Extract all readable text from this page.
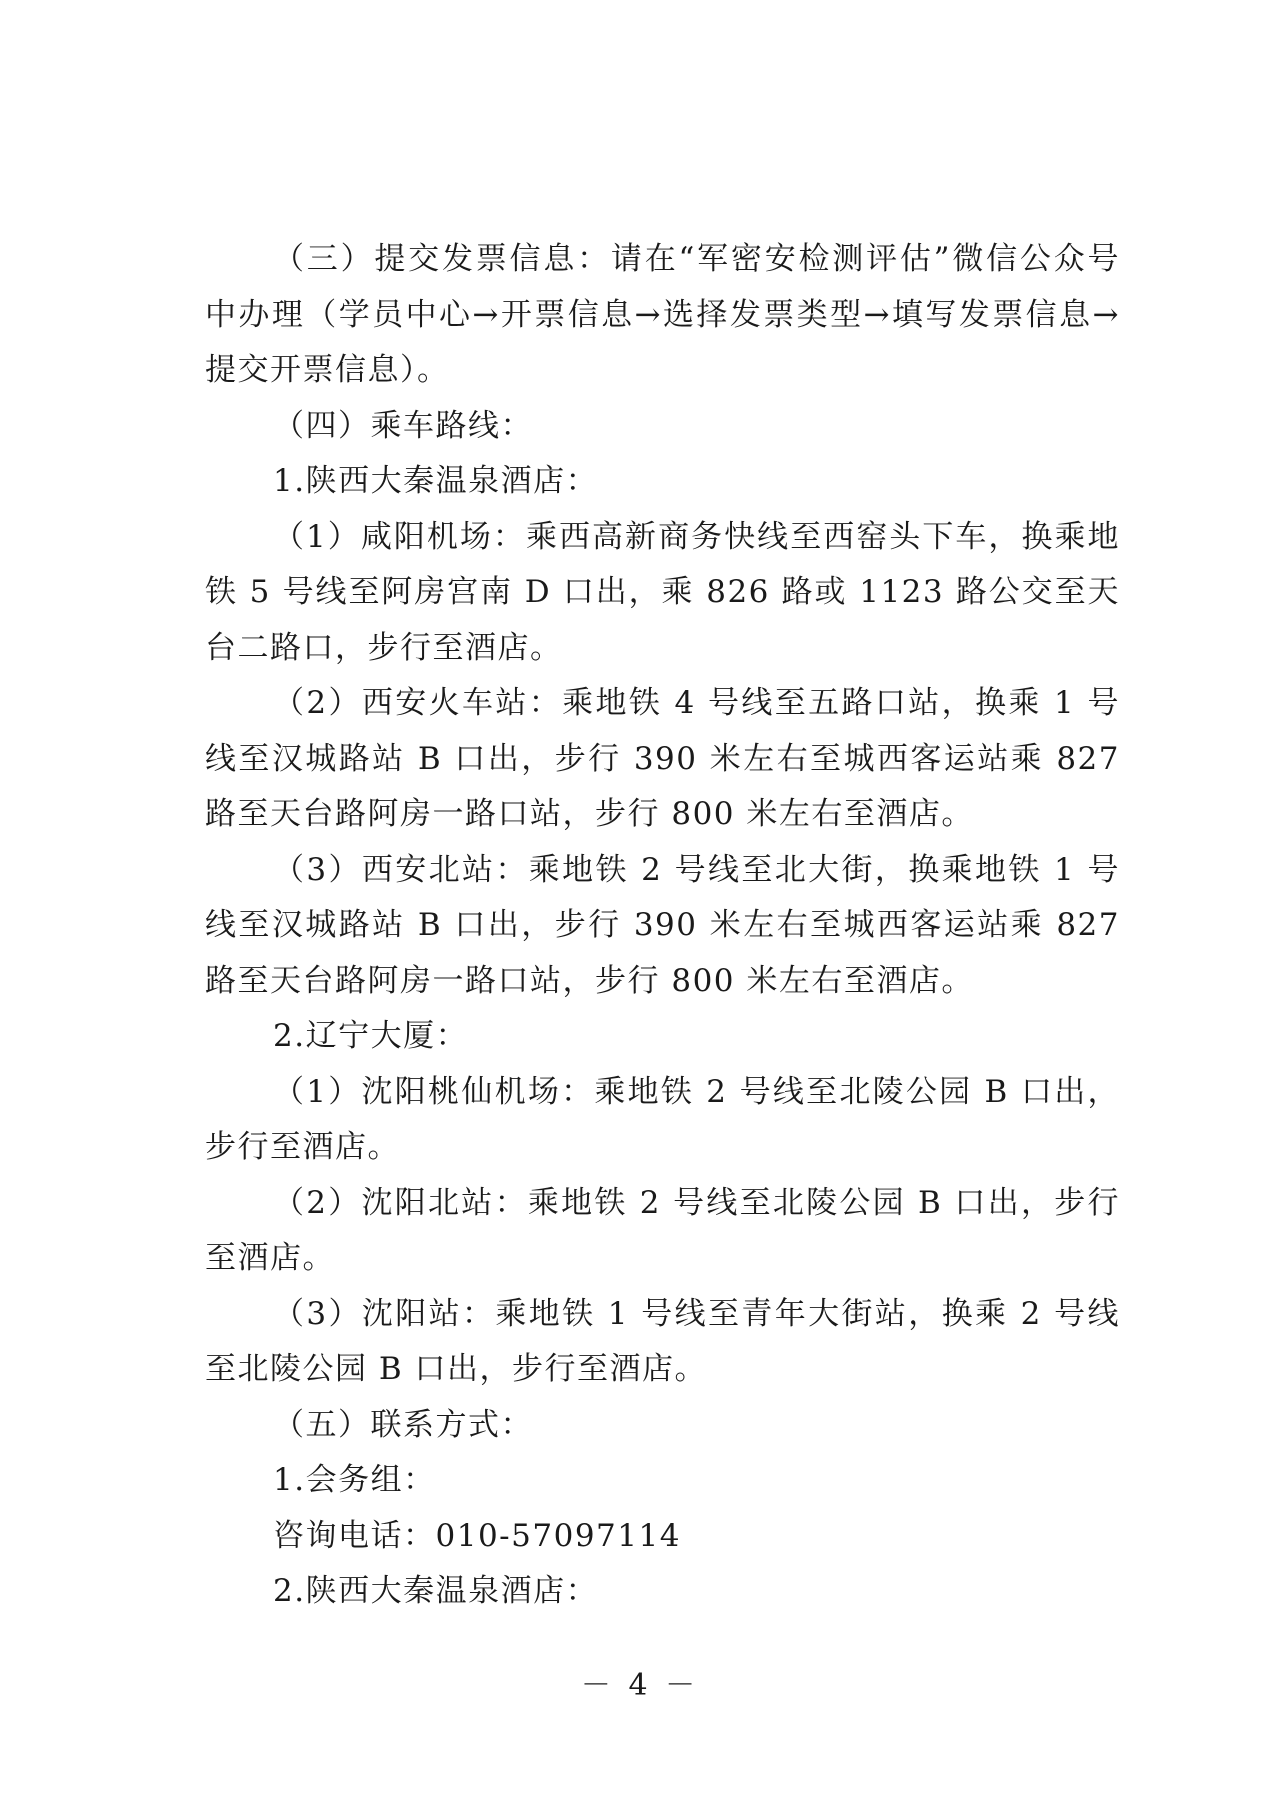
（三）提交发票信息：请在“军密安检测评估”微信公众号中办理（学员中心→开票信息→选择发票类型→填写发票信息→提交开票信息）。

（四）乘车路线：

1.陕西大秦温泉酒店：

（1）咸阳机场：乘西高新商务快线至西窑头下车，换乘地铁 5 号线至阿房宫南 D 口出，乘 826 路或 1123 路公交至天台二路口，步行至酒店。

（2）西安火车站：乘地铁 4 号线至五路口站，换乘 1 号线至汉城路站 B 口出，步行 390 米左右至城西客运站乘 827 路至天台路阿房一路口站，步行 800 米左右至酒店。

（3）西安北站：乘地铁 2 号线至北大街，换乘地铁 1 号线至汉城路站 B 口出，步行 390 米左右至城西客运站乘 827 路至天台路阿房一路口站，步行 800 米左右至酒店。

2.辽宁大厦：

（1）沈阳桃仙机场：乘地铁 2 号线至北陵公园 B 口出，步行至酒店。

（2）沈阳北站：乘地铁 2 号线至北陵公园 B 口出，步行至酒店。

（3）沈阳站：乘地铁 1 号线至青年大街站，换乘 2 号线至北陵公园 B 口出，步行至酒店。

（五）联系方式：

1.会务组：

咨询电话：010-57097114

2.陕西大秦温泉酒店：

－ 4 －
